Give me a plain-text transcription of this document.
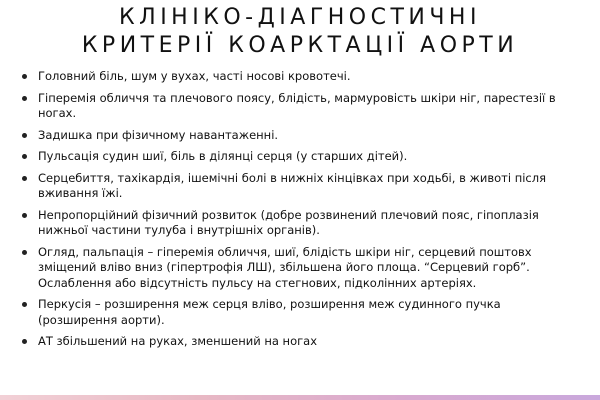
КЛІНІКО-ДІАГНОСТИЧНІ
КРИТЕРІЇ КОАРКТАЦІЇ АОРТИ
Головний біль, шум у вухах, часті носові кровотечі.
Гіперемія обличчя та плечового поясу, блідість, мармуровість шкіри ніг, парестезії в ногах.
Задишка при фізичному навантаженні.
Пульсація судин шиї, біль в ділянці серця (у старших дітей).
Серцебиття, тахікардія, ішемічні болі в нижніх кінцівках при ходьбі, в животі після вживання їжі.
Непропорційний фізичний розвиток (добре розвинений плечовий пояс, гіпоплазія нижньої частини тулуба і внутрішніх органів).
Огляд, пальпація – гіперемія обличчя, шиї, блідість шкіри ніг, серцевий поштовх зміщений вліво вниз (гіпертрофія ЛШ), збільшена його площа. “Серцевий горб”. Ослаблення або відсутність пульсу на стегнових, підколінних артеріях.
Перкусія – розширення меж серця вліво, розширення меж судинного пучка (розширення аорти).
АТ збільшений на руках, зменшений на ногах
